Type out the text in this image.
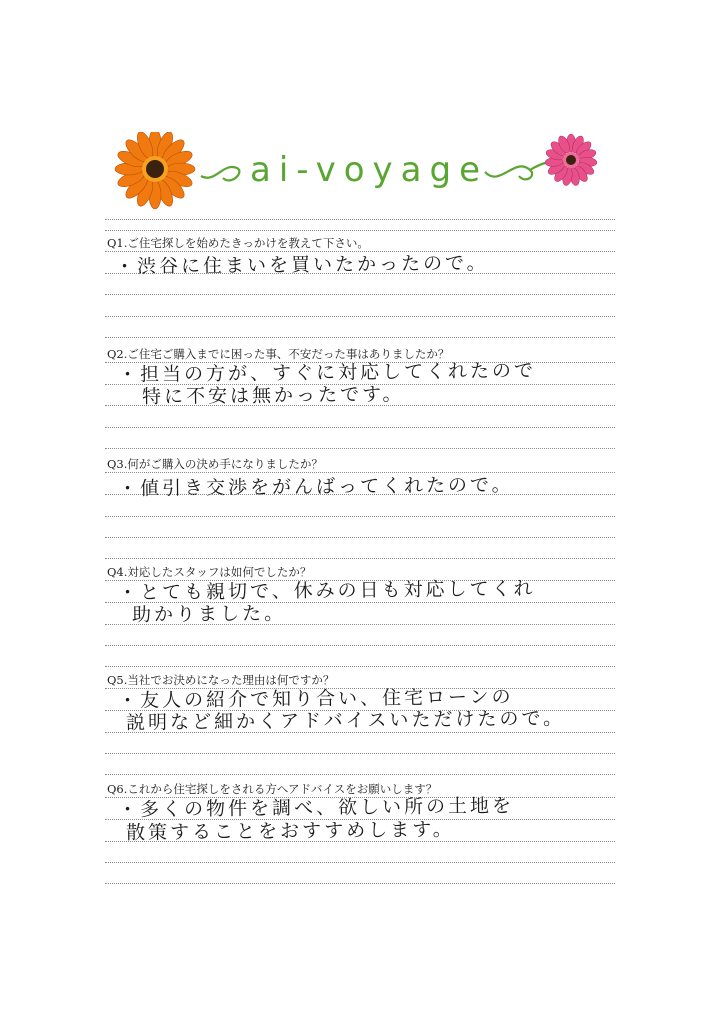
ai-voyage
Q1.ご住宅探しを始めたきっかけを教えて下さい。
・渋谷に住まいを買いたかったので。
Q2.ご住宅ご購入までに困った事、不安だった事はありましたか？
・担当の方が、すぐに対応してくれたので
特に不安は無かったです。
Q3.何がご購入の決め手になりましたか？
・値引き交渉をがんばってくれたので。
Q4.対応したスタッフは如何でしたか？
・とても親切で、休みの日も対応してくれ
助かりました。
Q5.当社でお決めになった理由は何ですか？
・友人の紹介で知り合い、住宅ローンの
説明など細かくアドバイスいただけたので。
Q6.これから住宅探しをされる方へアドバイスをお願いします？
・多くの物件を調べ、欲しい所の土地を
散策することをおすすめします。
